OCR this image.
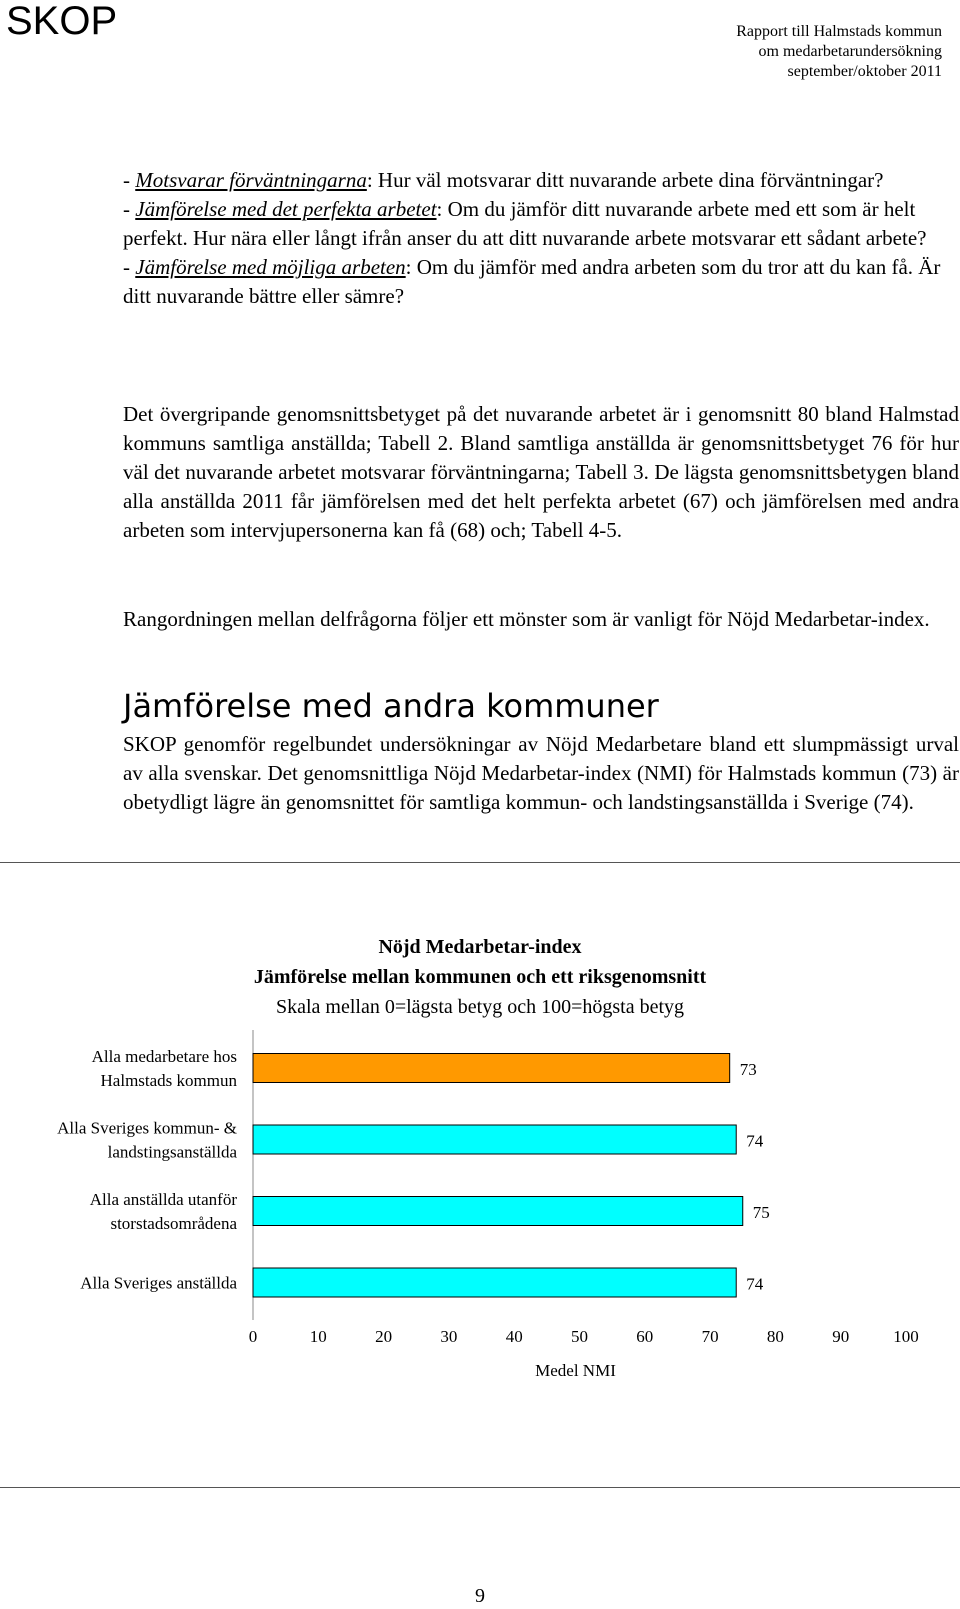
SKOP	Rapport till Halmstads kommun
om medarbetarundersökning
september/oktober 2011

- Motsvarar förväntningarna: Hur väl motsvarar ditt nuvarande arbete dina förväntningar?

- Jämförelse med det perfekta arbetet: Om du jämför ditt nuvarande arbete med ett som är helt perfekt. Hur nära eller långt ifrån anser du att ditt nuvarande arbete motsvarar ett sådant arbete?

- Jämförelse med möjliga arbeten: Om du jämför med andra arbeten som du tror att du kan få. Är ditt nuvarande bättre eller sämre?

Det övergripande genomsnittsbetyget på det nuvarande arbetet är i genomsnitt 80 bland Halmstad kommuns samtliga anställda; Tabell 2. Bland samtliga anställda är genomsnittsbetyget 76 för hur väl det nuvarande arbetet motsvarar förväntningarna; Tabell 3. De lägsta genomsnittsbetygen bland alla anställda 2011 får jämförelsen med det helt perfekta arbetet (67) och jämförelsen med andra arbeten som intervjupersonerna kan få (68) och; Tabell 4-5.

Rangordningen mellan delfrågorna följer ett mönster som är vanligt för Nöjd Medarbetar-index.

Jämförelse med andra kommuner

SKOP genomför regelbundet undersökningar av Nöjd Medarbetare bland ett slumpmässigt urval av alla svenskar. Det genomsnittliga Nöjd Medarbetar-index (NMI) för Halmstads kommun (73) är obetydligt lägre än genomsnittet för samtliga kommun- och landstingsanställda i Sverige (74).

Nöjd Medarbetar-index
Jämförelse mellan kommunen och ett riksgenomsnitt
Skala mellan 0=lägsta betyg och 100=högsta betyg
73
Alla medarbetare hos
Halmstads kommun
74
Alla Sveriges kommun- &
landstingsanställda
75
Alla anställda utanför
storstadsområdena
74
Alla Sveriges anställda
0	10	20	30	40	50	60	70	80	90	100
Medel NMI
9
